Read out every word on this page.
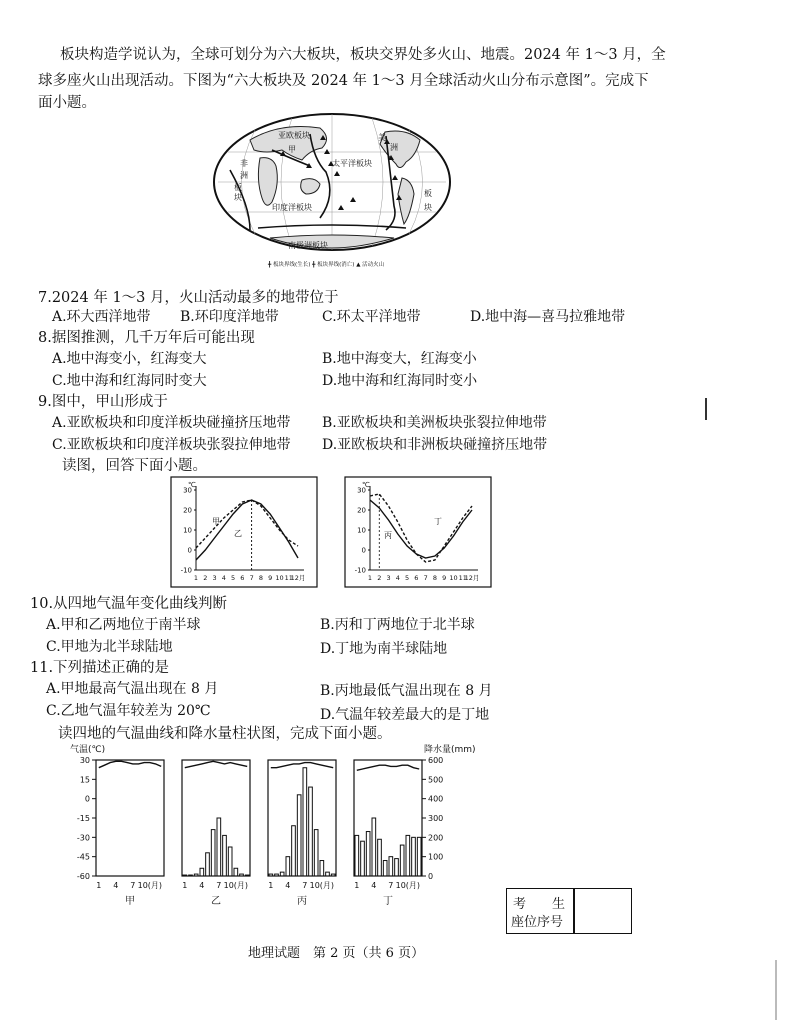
板块构造学说认为，全球可划分为六大板块，板块交界处多火山、地震。2024 年 1～3 月，全
球多座火山出现活动。下图为“六大板块及 2024 年 1～3 月全球活动火山分布示意图”。完成下
面小题。
亚欧板块
甲
美
洲
太平洋板块
非
洲
板
块
印度洋板块
板
块
南极洲板块
╋ 板块界线(生长) ╋ 板块界线(消亡) ▲ 活动火山
7.2024 年 1～3 月，火山活动最多的地带位于
A.环大西洋地带 B.环印度洋地带	C.环太平洋地带	D.地中海—喜马拉雅地带
8.据图推测，几千万年后可能出现
A.地中海变小，红海变大	B.地中海变大，红海变小
C.地中海和红海同时变大	D.地中海和红海同时变小
9.图中，甲山形成于
A.亚欧板块和印度洋板块碰撞挤压地带 B.亚欧板块和美洲板块张裂拉伸地带
C.亚欧板块和印度洋板块张裂拉伸地带 D.亚欧板块和非洲板块碰撞挤压地带
读图，回答下面小题。
-10
0
10
20
30
1 2 3 4 5 6 7 8 9 10 11
12月
℃
甲
乙
-10
0
10
20
30
1 2 3 4 5 6 7 8 9 10 11
12月
℃
丁
丙
10.从四地气温年变化曲线判断
A.甲和乙两地位于南半球	B.丙和丁两地位于北半球
C.甲地为北半球陆地	D.丁地为南半球陆地
11.下列描述正确的是
A.甲地最高气温出现在 8 月	B.丙地最低气温出现在 8 月
C.乙地气温年较差为 20℃	D.气温年较差最大的是丁地
读四地的气温曲线和降水量柱状图，完成下面小题。
气温(℃)	降水量(mm)
30
15
0
-15
-30
-45
-60
600
500
400
300
200
100
0
1 4 7 10(月)
甲
1 4 7 10(月)
乙
1 4 7 10(月)
丙
1 4 7 10(月)
丁	考　　生
座位序号
地理试题　第 2 页（共 6 页）
